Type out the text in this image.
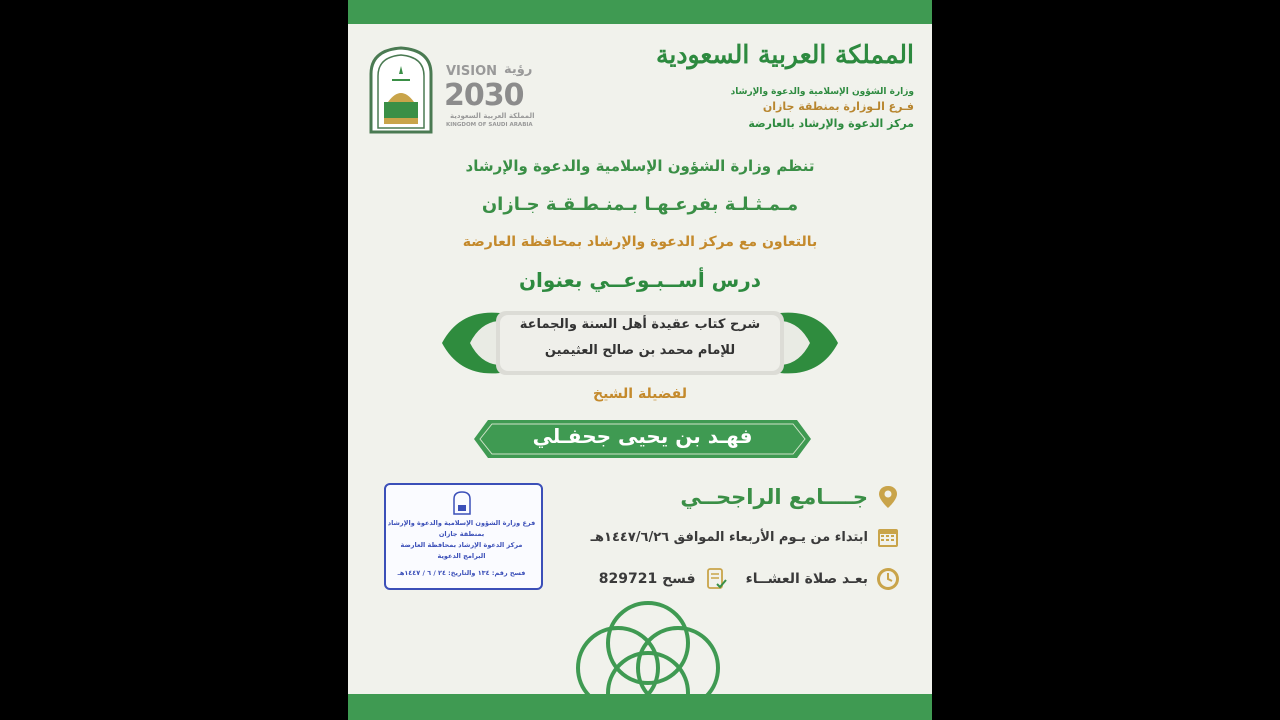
VISION رؤية
2030
المملكة العربية السعودية
KINGDOM OF SAUDI ARABIA
المملكة العربية السعودية
وزارة الشؤون الإسلامية والدعوة والإرشاد
فـرع الـوزارة بمنطقة جازان
مركز الدعوة والإرشاد بالعارضة
تنظم وزارة الشؤون الإسلامية والدعوة والإرشاد
مـمـثـلـة بفرعـهـا بـمنـطـقـة جـازان
بالتعاون مع مركز الدعوة والإرشاد بمحافظة العارضة
درس أســبـوعــي بعنوان
شرح كتاب عقيدة أهل السنة والجماعة
للإمام محمد بن صالح العثيمين
لفضيلة الشيخ
فهـد بن يحيى جحفـلي
جــــامع الراجحــي
ابتداء من يـوم الأربعاء الموافق ١٤٤٧/٦/٢٦هـ
بعـد صلاة العشــاء
فسح 829721
فرع وزارة الشؤون الإسلامية والدعوة والإرشاد
بمنطقة جازان
مركز الدعوة الإرشاد بمحافظة العارضة
البرامج الدعوية
فسح رقم: ١٣٤ والتاريخ: ٢٤ / ٦ / ١٤٤٧هـ
